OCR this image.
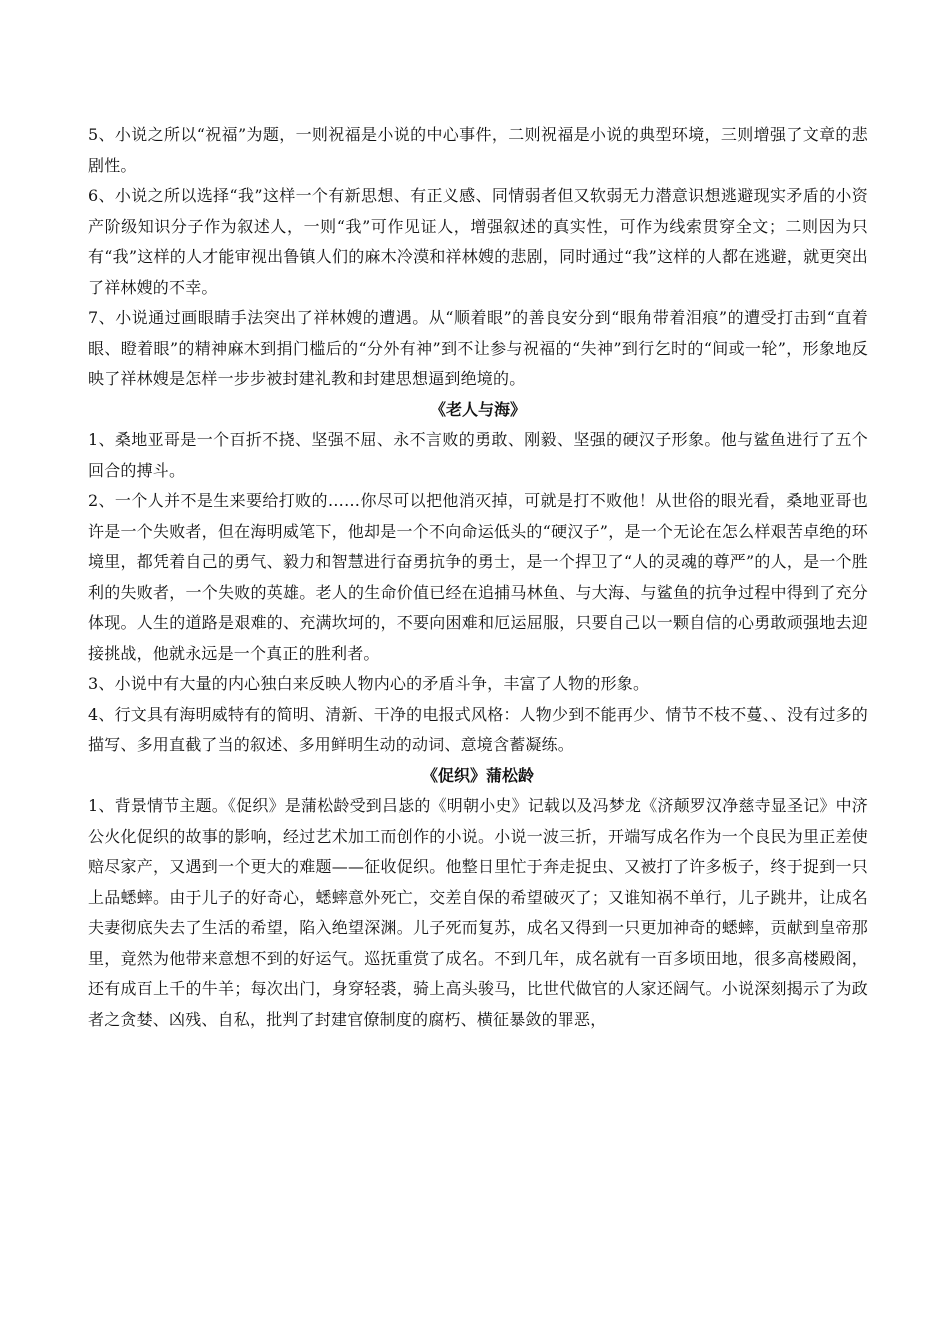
5、小说之所以“祝福”为题，一则祝福是小说的中心事件，二则祝福是小说的典型环境，三则增强了文章的悲剧性。

6、小说之所以选择“我”这样一个有新思想、有正义感、同情弱者但又软弱无力潜意识想逃避现实矛盾的小资产阶级知识分子作为叙述人，一则“我”可作见证人，增强叙述的真实性，可作为线索贯穿全文；二则因为只有“我”这样的人才能审视出鲁镇人们的麻木冷漠和祥林嫂的悲剧，同时通过“我”这样的人都在逃避，就更突出了祥林嫂的不幸。

7、小说通过画眼睛手法突出了祥林嫂的遭遇。从“顺着眼”的善良安分到“眼角带着泪痕”的遭受打击到“直着眼、瞪着眼”的精神麻木到捐门槛后的“分外有神”到不让参与祝福的“失神”到行乞时的“间或一轮”，形象地反映了祥林嫂是怎样一步步被封建礼教和封建思想逼到绝境的。

《老人与海》

1、桑地亚哥是一个百折不挠、坚强不屈、永不言败的勇敢、刚毅、坚强的硬汉子形象。他与鲨鱼进行了五个回合的搏斗。

2、一个人并不是生来要给打败的……你尽可以把他消灭掉，可就是打不败他！从世俗的眼光看，桑地亚哥也许是一个失败者，但在海明威笔下，他却是一个不向命运低头的“硬汉子”，是一个无论在怎么样艰苦卓绝的环境里，都凭着自己的勇气、毅力和智慧进行奋勇抗争的勇士，是一个捍卫了“人的灵魂的尊严”的人，是一个胜利的失败者，一个失败的英雄。老人的生命价值已经在追捕马林鱼、与大海、与鲨鱼的抗争过程中得到了充分体现。人生的道路是艰难的、充满坎坷的，不要向困难和厄运屈服，只要自己以一颗自信的心勇敢顽强地去迎接挑战，他就永远是一个真正的胜利者。

3、小说中有大量的内心独白来反映人物内心的矛盾斗争，丰富了人物的形象。

4、行文具有海明威特有的简明、清新、干净的电报式风格：人物少到不能再少、情节不枝不蔓、、没有过多的描写、多用直截了当的叙述、多用鲜明生动的动词、意境含蓄凝练。

《促织》蒲松龄

1、背景情节主题。《促织》是蒲松龄受到吕毖的《明朝小史》记载以及冯梦龙《济颠罗汉净慈寺显圣记》中济公火化促织的故事的影响，经过艺术加工而创作的小说。小说一波三折，开端写成名作为一个良民为里正差使赔尽家产，又遇到一个更大的难题——征收促织。他整日里忙于奔走捉虫、又被打了许多板子，终于捉到一只上品蟋蟀。由于儿子的好奇心，蟋蟀意外死亡，交差自保的希望破灭了；又谁知祸不单行，儿子跳井，让成名夫妻彻底失去了生活的希望，陷入绝望深渊。儿子死而复苏，成名又得到一只更加神奇的蟋蟀，贡献到皇帝那里，竟然为他带来意想不到的好运气。巡抚重赏了成名。不到几年，成名就有一百多顷田地，很多高楼殿阁，还有成百上千的牛羊；每次出门，身穿轻裘，骑上高头骏马，比世代做官的人家还阔气。小说深刻揭示了为政者之贪婪、凶残、自私，批判了封建官僚制度的腐朽、横征暴敛的罪恶，
